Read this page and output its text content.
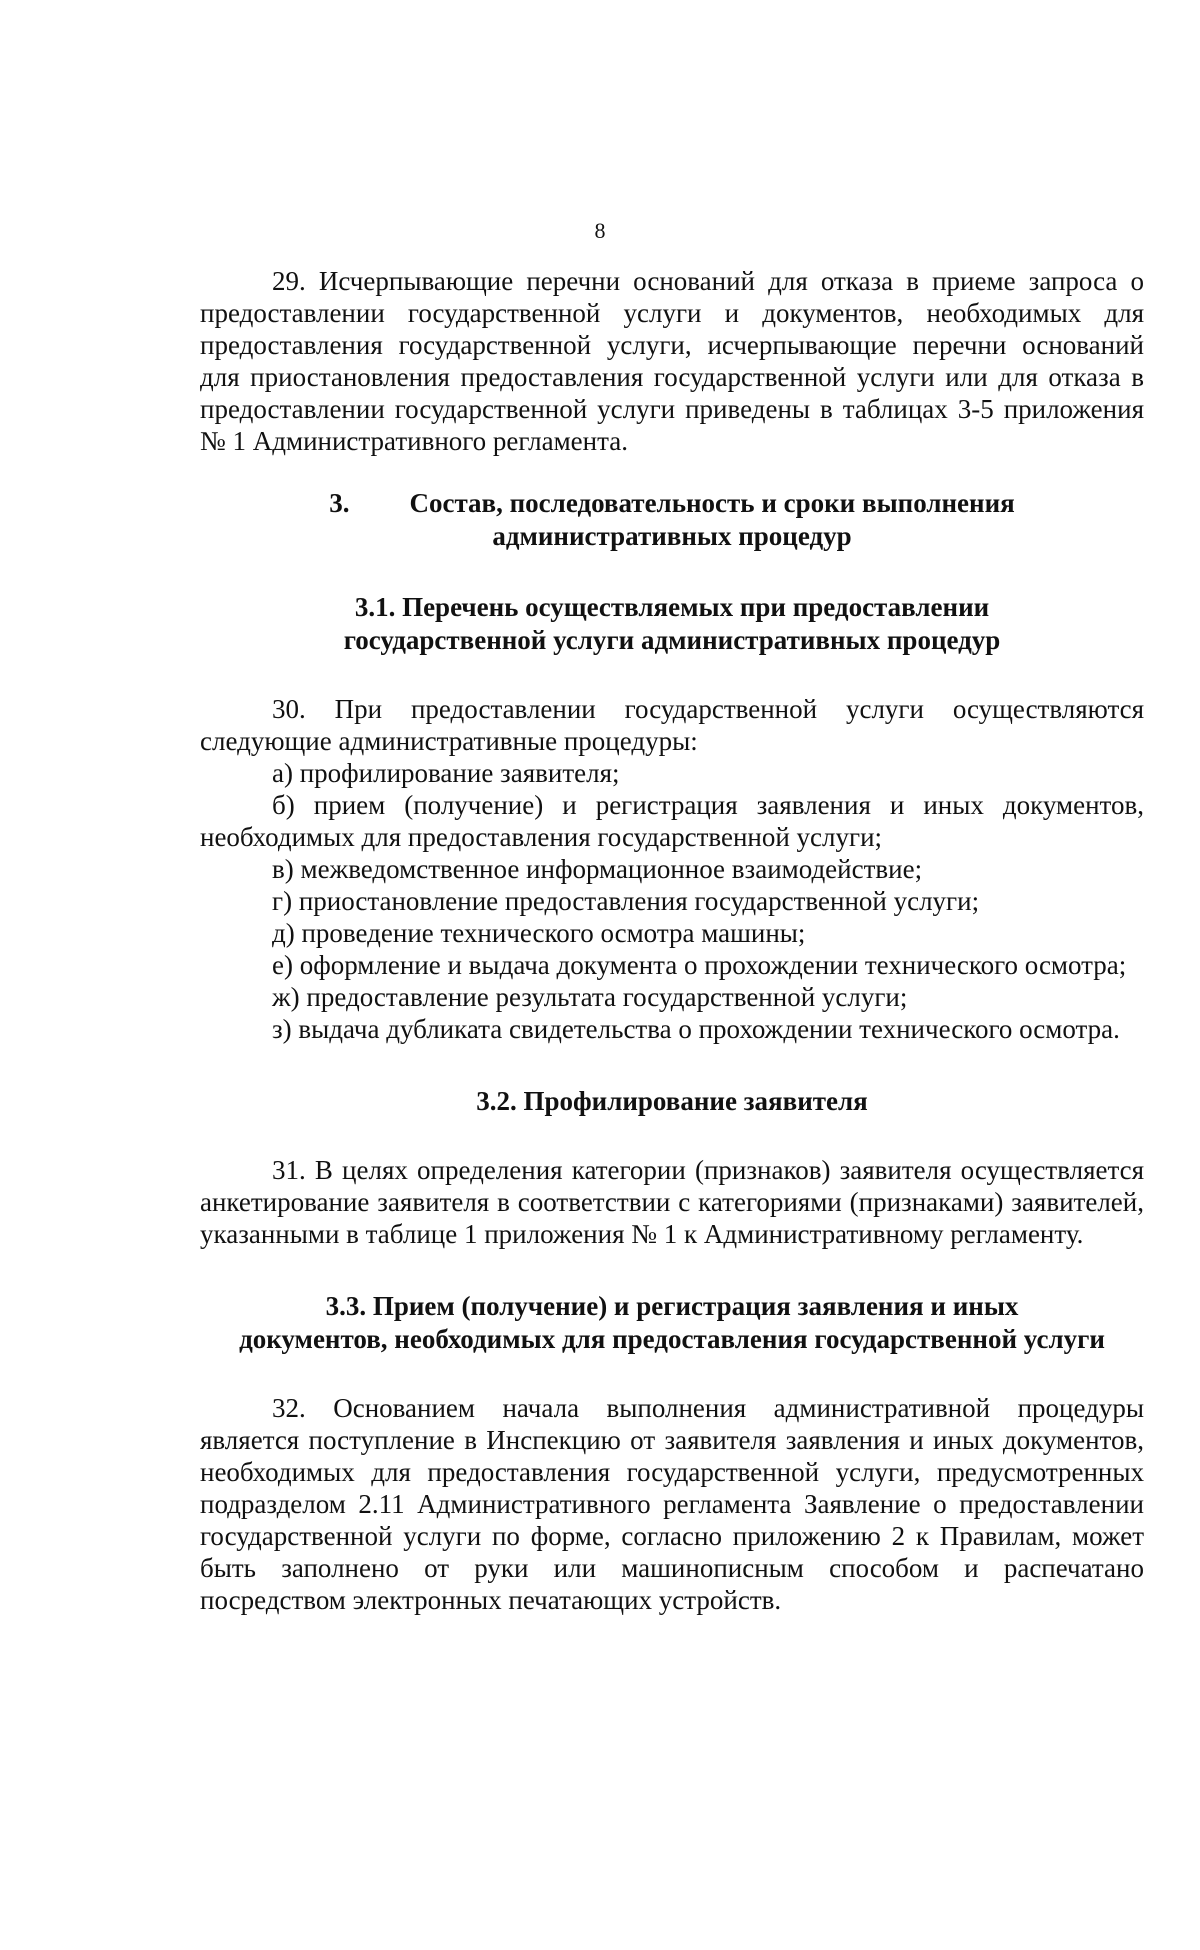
8

29. Исчерпывающие перечни оснований для отказа в приеме запроса о предоставлении государственной услуги и документов, необходимых для предоставления государственной услуги, исчерпывающие перечни оснований для приостановления предоставления государственной услуги или для отказа в предоставлении государственной услуги приведены в таблицах 3-5 приложения № 1 Административного регламента.

3. Состав, последовательность и сроки выполнения
административных процедур
3.1. Перечень осуществляемых при предоставлении
государственной услуги административных процедур

30. При предоставлении государственной услуги осуществляются следующие административные процедуры:

а) профилирование заявителя;

б) прием (получение) и регистрация заявления и иных документов, необходимых для предоставления государственной услуги;

в) межведомственное информационное взаимодействие;

г) приостановление предоставления государственной услуги;

д) проведение технического осмотра машины;

е) оформление и выдача документа о прохождении технического осмотра;

ж) предоставление результата государственной услуги;

з) выдача дубликата свидетельства о прохождении технического осмотра.

3.2. Профилирование заявителя

31. В целях определения категории (признаков) заявителя осуществляется анкетирование заявителя в соответствии с категориями (признаками) заявителей, указанными в таблице 1 приложения № 1 к Административному регламенту.

3.3. Прием (получение) и регистрация заявления и иных
документов, необходимых для предоставления государственной услуги

32. Основанием начала выполнения административной процедуры является поступление в Инспекцию от заявителя заявления и иных документов, необходимых для предоставления государственной услуги, предусмотренных подразделом 2.11 Административного регламента Заявление о предоставлении государственной услуги по форме, согласно приложению 2 к Правилам, может быть заполнено от руки или машинописным способом и распечатано посредством электронных печатающих устройств.
